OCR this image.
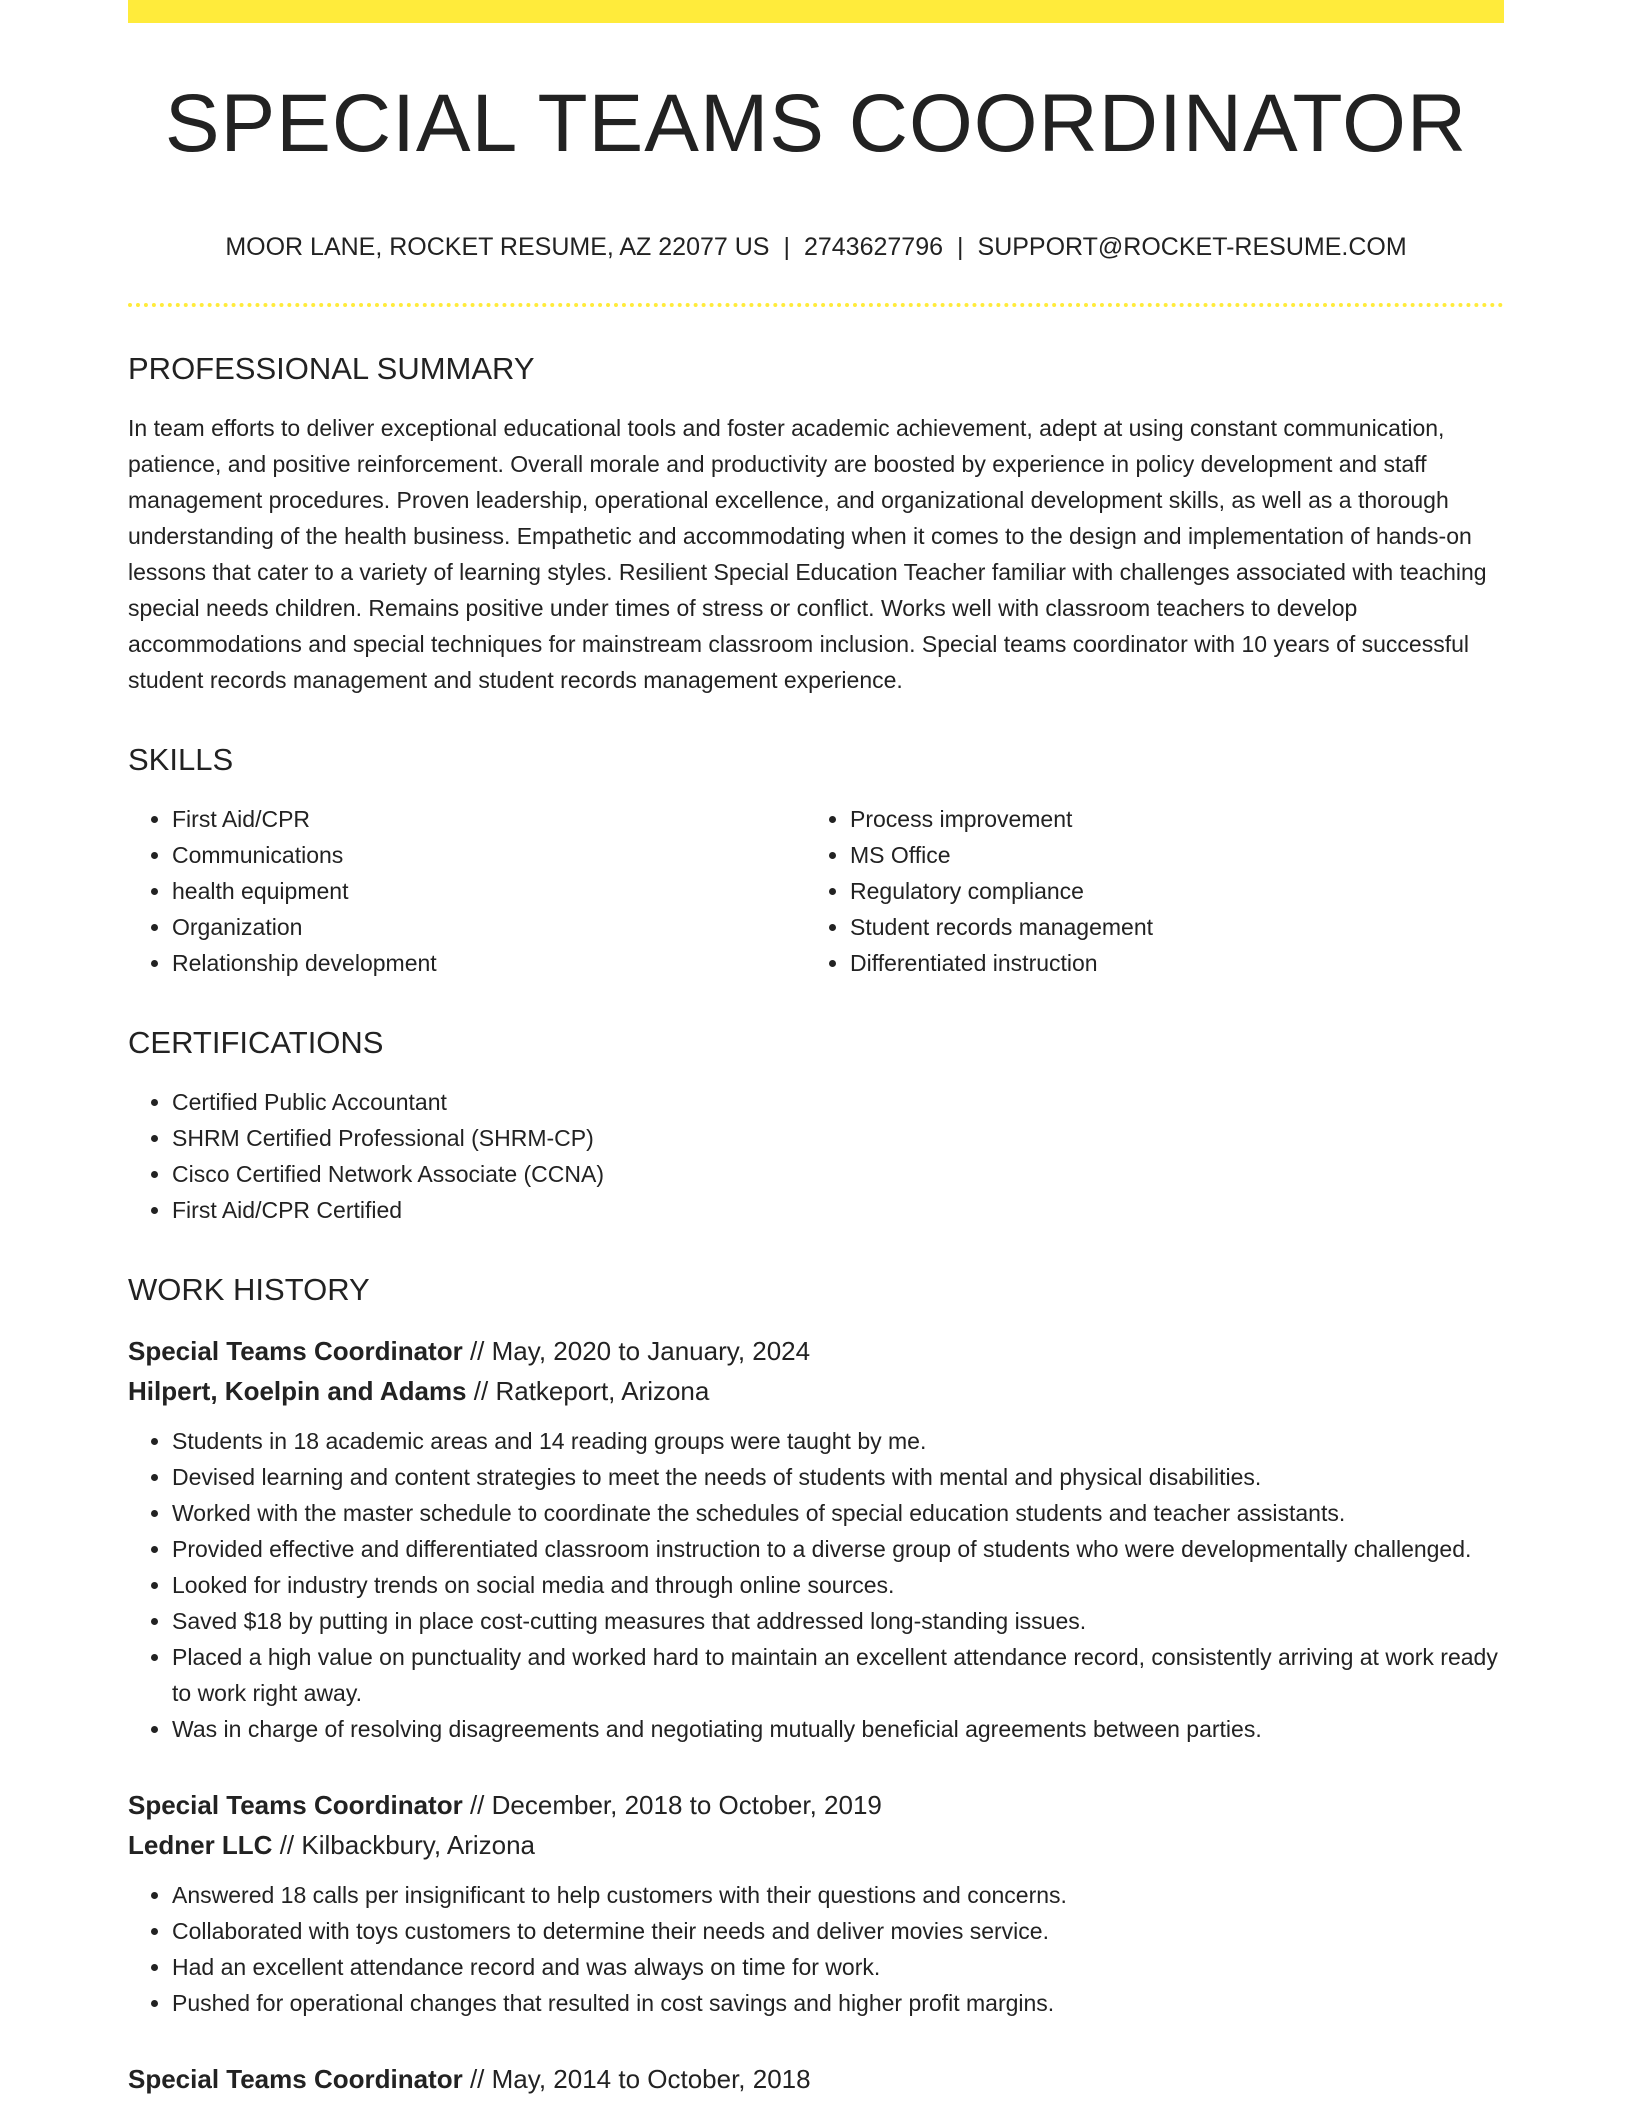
SPECIAL TEAMS COORDINATOR
MOOR LANE, ROCKET RESUME, AZ 22077 US | 2743627796 | SUPPORT@ROCKET-RESUME.COM
PROFESSIONAL SUMMARY

In team efforts to deliver exceptional educational tools and foster academic achievement, adept at using constant communication, patience, and positive reinforcement. Overall morale and productivity are boosted by experience in policy development and staff management procedures. Proven leadership, operational excellence, and organizational development skills, as well as a thorough understanding of the health business. Empathetic and accommodating when it comes to the design and implementation of hands-on lessons that cater to a variety of learning styles. Resilient Special Education Teacher familiar with challenges associated with teaching special needs children. Remains positive under times of stress or conflict. Works well with classroom teachers to develop accommodations and special techniques for mainstream classroom inclusion. Special teams coordinator with 10 years of successful student records management and student records management experience.

SKILLS
• First Aid/CPR
• Communications
• health equipment
• Organization
• Relationship development
• Process improvement
• MS Office
• Regulatory compliance
• Student records management
• Differentiated instruction
CERTIFICATIONS
• Certified Public Accountant
• SHRM Certified Professional (SHRM-CP)
• Cisco Certified Network Associate (CCNA)
• First Aid/CPR Certified
WORK HISTORY
Special Teams Coordinator // May, 2020 to January, 2024
Hilpert, Koelpin and Adams // Ratkeport, Arizona
• Students in 18 academic areas and 14 reading groups were taught by me.
• Devised learning and content strategies to meet the needs of students with mental and physical disabilities.
• Worked with the master schedule to coordinate the schedules of special education students and teacher assistants.
• Provided effective and differentiated classroom instruction to a diverse group of students who were developmentally challenged.
• Looked for industry trends on social media and through online sources.
• Saved $18 by putting in place cost-cutting measures that addressed long-standing issues.
• Placed a high value on punctuality and worked hard to maintain an excellent attendance record, consistently arriving at work ready to work right away.
• Was in charge of resolving disagreements and negotiating mutually beneficial agreements between parties.
Special Teams Coordinator // December, 2018 to October, 2019
Ledner LLC // Kilbackbury, Arizona
• Answered 18 calls per insignificant to help customers with their questions and concerns.
• Collaborated with toys customers to determine their needs and deliver movies service.
• Had an excellent attendance record and was always on time for work.
• Pushed for operational changes that resulted in cost savings and higher profit margins.
Special Teams Coordinator // May, 2014 to October, 2018
